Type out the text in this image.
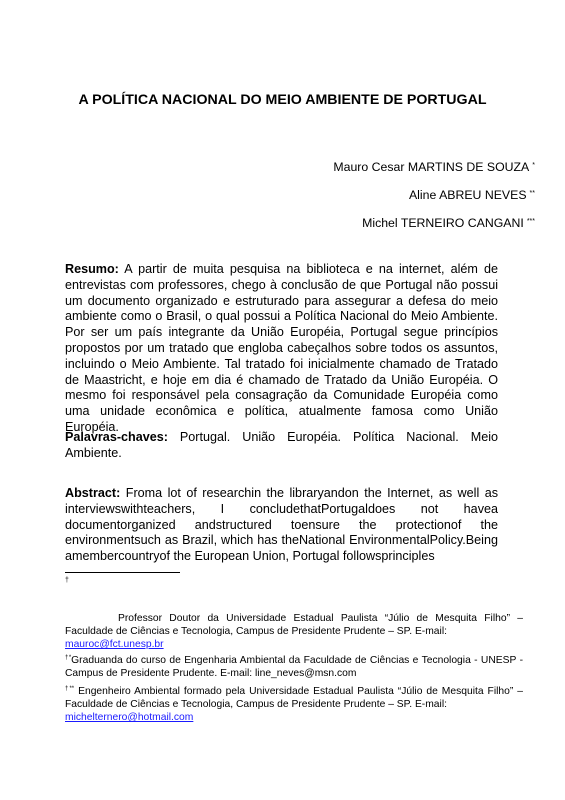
A POLÍTICA NACIONAL DO MEIO AMBIENTE DE PORTUGAL
Mauro Cesar MARTINS DE SOUZA *
Aline ABREU NEVES **
Michel TERNEIRO CANGANI ***
Resumo: A partir de muita pesquisa na biblioteca e na internet, além de entrevistas com professores, chego à conclusão de que Portugal não possui um documento organizado e estruturado para assegurar a defesa do meio ambiente como o Brasil, o qual possui a Política Nacional do Meio Ambiente. Por ser um país integrante da União Européia, Portugal segue princípios propostos por um tratado que engloba cabeçalhos sobre todos os assuntos, incluindo o Meio Ambiente. Tal tratado foi inicialmente chamado de Tratado de Maastricht, e hoje em dia é chamado de Tratado da União Européia. O mesmo foi responsável pela consagração da Comunidade Européia como uma unidade econômica e política, atualmente famosa como União Européia.
Palavras-chaves: Portugal. União Européia. Política Nacional. Meio Ambiente.
Abstract: Froma lot of researchin the libraryandon the Internet, as well as interviewswithteachers, I concludethatPortugaldoes not havea documentorganized andstructured toensure the protectionof the environmentsuch as Brazil, which has theNational EnvironmentalPolicy.Being amembercountryof the European Union, Portugal followsprinciples
†
Professor Doutor da Universidade Estadual Paulista “Júlio de Mesquita Filho” – Faculdade de Ciências e Tecnologia, Campus de Presidente Prudente – SP. E-mail:
mauroc@fct.unesp.br
†*Graduanda do curso de Engenharia Ambiental da Faculdade de Ciências e Tecnologia - UNESP - Campus de Presidente Prudente. E-mail: line_neves@msn.com
†** Engenheiro Ambiental formado pela Universidade Estadual Paulista “Júlio de Mesquita Filho” – Faculdade de Ciências e Tecnologia, Campus de Presidente Prudente – SP. E-mail:
michelternero@hotmail.com
